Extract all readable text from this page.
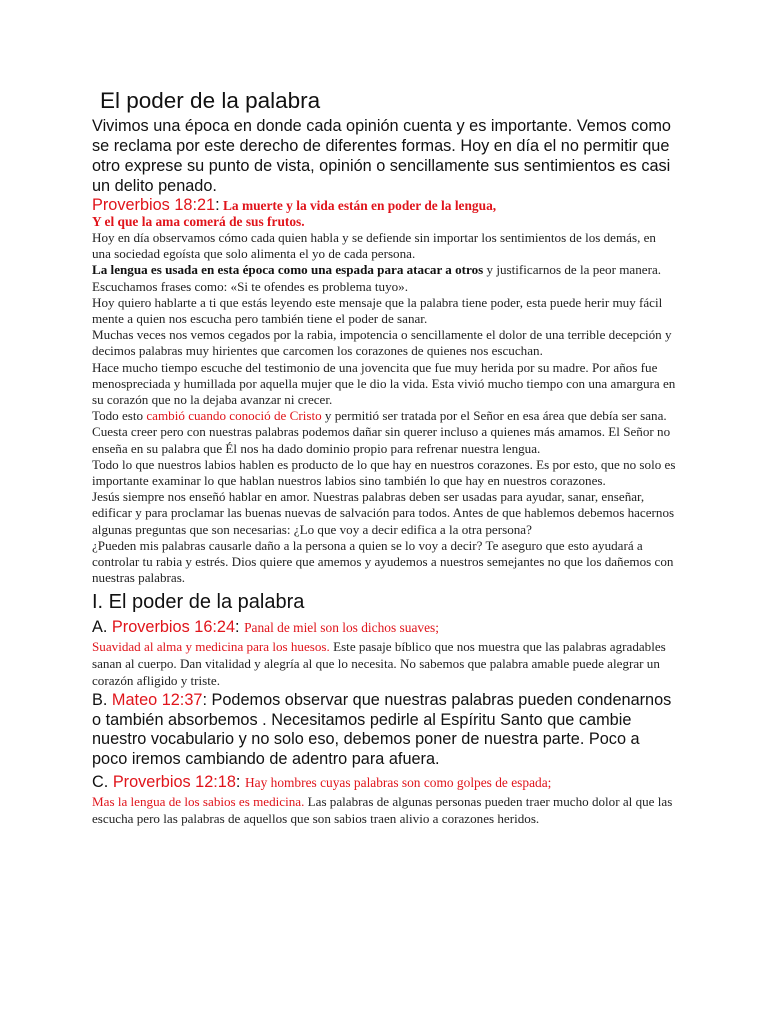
El poder de la palabra

Vivimos una época en donde cada opinión cuenta y es importante. Vemos como se reclama por este derecho de diferentes formas. Hoy en día el no permitir que otro exprese su punto de vista, opinión o sencillamente sus sentimientos es casi un delito penado.

Proverbios 18:21: La muerte y la vida están en poder de la lengua,

Y el que la ama comerá de sus frutos.

Hoy en día observamos cómo cada quien habla y se defiende sin importar los sentimientos de los demás, en una sociedad egoísta que solo alimenta el yo de cada persona.

La lengua es usada en esta época como una espada para atacar a otros y justificarnos de la peor manera. Escuchamos frases como: «Si te ofendes es problema tuyo».

Hoy quiero hablarte a ti que estás leyendo este mensaje que la palabra tiene poder, esta puede herir muy fácil mente a quien nos escucha pero también tiene el poder de sanar.

Muchas veces nos vemos cegados por la rabia, impotencia o sencillamente el dolor de una terrible decepción y decimos palabras muy hirientes que carcomen los corazones de quienes nos escuchan.

Hace mucho tiempo escuche del testimonio de una jovencita que fue muy herida por su madre. Por años fue menospreciada y humillada por aquella mujer que le dio la vida. Esta vivió mucho tiempo con una amargura en su corazón que no la dejaba avanzar ni crecer.

Todo esto cambió cuando conoció de Cristo y permitió ser tratada por el Señor en esa área que debía ser sana. Cuesta creer pero con nuestras palabras podemos dañar sin querer incluso a quienes más amamos. El Señor no enseña en su palabra que Él nos ha dado dominio propio para refrenar nuestra lengua.

Todo lo que nuestros labios hablen es producto de lo que hay en nuestros corazones. Es por esto, que no solo es importante examinar lo que hablan nuestros labios sino también lo que hay en nuestros corazones.

Jesús siempre nos enseñó hablar en amor. Nuestras palabras deben ser usadas para ayudar, sanar, enseñar, edificar y para proclamar las buenas nuevas de salvación para todos. Antes de que hablemos debemos hacernos algunas preguntas que son necesarias: ¿Lo que voy a decir edifica a la otra persona?

¿Pueden mis palabras causarle daño a la persona a quien se lo voy a decir? Te aseguro que esto ayudará a controlar tu rabia y estrés. Dios quiere que amemos y ayudemos a nuestros semejantes no que los dañemos con nuestras palabras.

I. El poder de la palabra
A. Proverbios 16:24: Panal de miel son los dichos suaves;

Suavidad al alma y medicina para los huesos. Este pasaje bíblico que nos muestra que las palabras agradables sanan al cuerpo. Dan vitalidad y alegría al que lo necesita. No sabemos que palabra amable puede alegrar un corazón afligido y triste.

B. Mateo 12:37: Podemos observar que nuestras palabras pueden condenarnos o también absorbemos . Necesitamos pedirle al Espíritu Santo que cambie nuestro vocabulario y no solo eso, debemos poner de nuestra parte. Poco a poco iremos cambiando de adentro para afuera.

C. Proverbios 12:18: Hay hombres cuyas palabras son como golpes de espada;

Mas la lengua de los sabios es medicina. Las palabras de algunas personas pueden traer mucho dolor al que las escucha pero las palabras de aquellos que son sabios traen alivio a corazones heridos.
